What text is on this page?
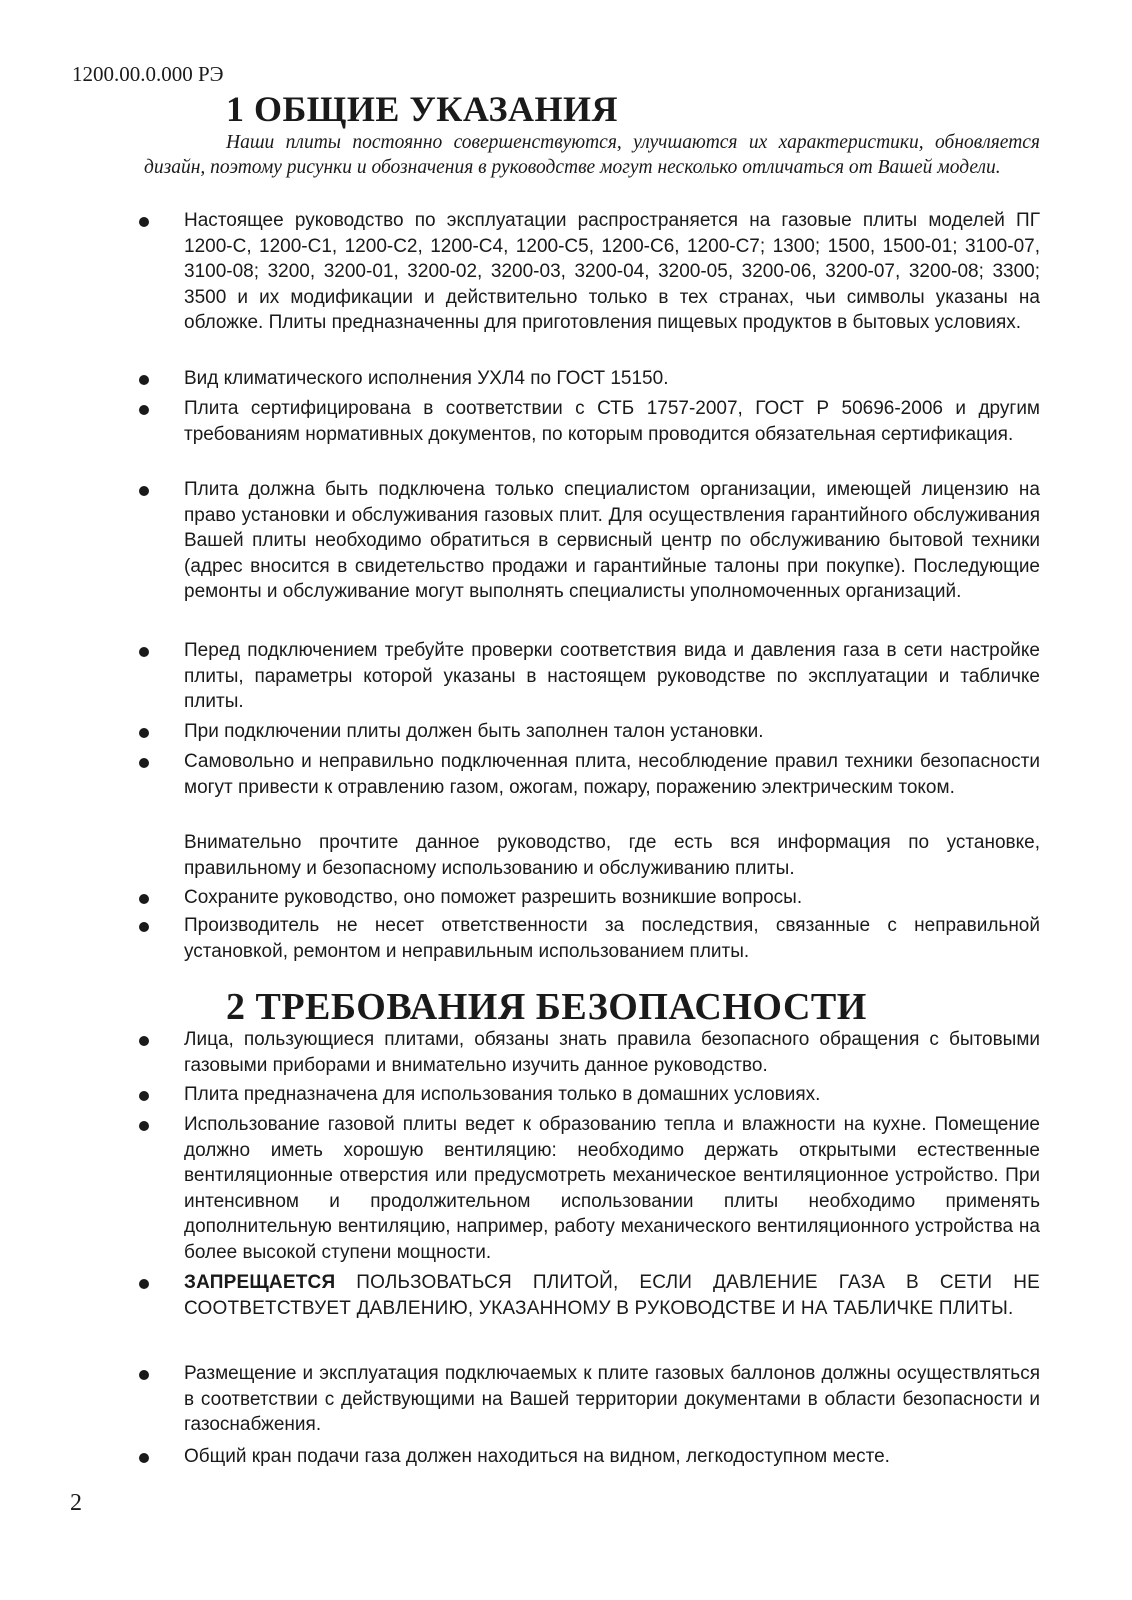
1200.00.0.000 РЭ
1 ОБЩИЕ УКАЗАНИЯ

Наши плиты постоянно совершенствуются, улучшаются их характеристики, обновляется дизайн, поэтому рисунки и обозначения в руководстве могут несколько отличаться от Вашей модели.

Настоящее руководство по эксплуатации распространяется на газовые плиты моделей ПГ 1200-С, 1200-С1, 1200-С2, 1200-С4, 1200-С5, 1200-С6, 1200-С7; 1300; 1500, 1500-01; 3100-07, 3100-08; 3200, 3200-01, 3200-02, 3200-03, 3200-04, 3200-05, 3200-06, 3200-07, 3200-08; 3300; 3500 и их модификации и действительно только в тех странах, чьи символы указаны на обложке. Плиты предназначенны для приготовления пищевых продуктов в бытовых условиях.
Вид климатического исполнения УХЛ4 по ГОСТ 15150.
Плита сертифицирована в соответствии с СТБ 1757-2007, ГОСТ Р 50696-2006 и другим требованиям нормативных документов, по которым проводится обязательная сертификация.
Плита должна быть подключена только специалистом организации, имеющей лицензию на право установки и обслуживания газовых плит. Для осуществления гарантийного обслуживания Вашей плиты необходимо обратиться в сервисный центр по обслуживанию бытовой техники (адрес вносится в свидетельство продажи и гарантийные талоны при покупке). Последующие ремонты и обслуживание могут выполнять специалисты уполномоченных организаций.
Перед подключением требуйте проверки соответствия вида и давления газа в сети настройке плиты, параметры которой указаны в настоящем руководстве по эксплуатации и табличке плиты.
При подключении плиты должен быть заполнен талон установки.
Самовольно и неправильно подключенная плита, несоблюдение правил техники безопасности могут привести к отравлению газом, ожогам, пожару, поражению электрическим током.

Внимательно прочтите данное руководство, где есть вся информация по установке, правильному и безопасному использованию и обслуживанию плиты.

Сохраните руководство, оно поможет разрешить возникшие вопросы.
Производитель не несет ответственности за последствия, связанные с неправильной установкой, ремонтом и неправильным использованием плиты.
2 ТРЕБОВАНИЯ БЕЗОПАСНОСТИ
Лица, пользующиеся плитами, обязаны знать правила безопасного обращения с бытовыми газовыми приборами и внимательно изучить данное руководство.
Плита предназначена для использования только в домашних условиях.
Использование газовой плиты ведет к образованию тепла и влажности на кухне. Помещение должно иметь хорошую вентиляцию: необходимо держать открытыми естественные вентиляционные отверстия или предусмотреть механическое вентиляционное устройство. При интенсивном и продолжительном использовании плиты необходимо применять дополнительную вентиляцию, например, работу механического вентиляционного устройства на более высокой ступени мощности.
ЗАПРЕЩАЕТСЯ ПОЛЬЗОВАТЬСЯ ПЛИТОЙ, ЕСЛИ ДАВЛЕНИЕ ГАЗА В СЕТИ НЕ СООТВЕТСТВУЕТ ДАВЛЕНИЮ, УКАЗАННОМУ В РУКОВОДСТВЕ И НА ТАБЛИЧКЕ ПЛИТЫ.
Размещение и эксплуатация подключаемых к плите газовых баллонов должны осуществляться в соответствии с действующими на Вашей территории документами в области безопасности и газоснабжения.
Общий кран подачи газа должен находиться на видном, легкодоступном месте.
2
